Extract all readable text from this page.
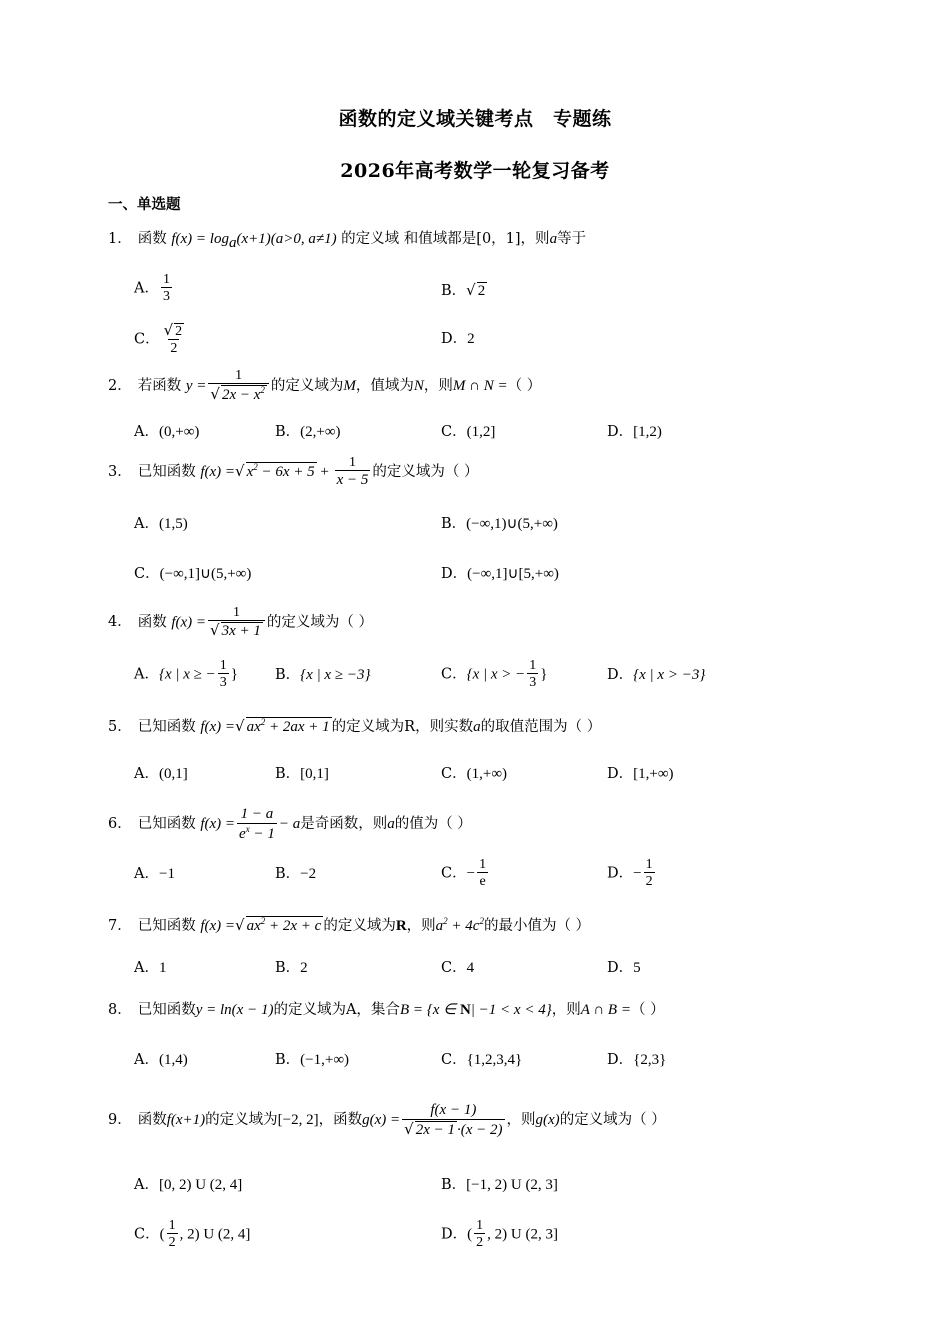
函数的定义域关键考点　专题练
2026年高考数学一轮复习备考
一、单选题
1． 函数 $f(x) = \log_a(x+1)(a>0$, a≠1) 的定义域 和值域都是[0，1]，则a等于
A． $\frac{1}{3}$	B．√ 2
C． $\frac{√ 2}{2}$	D．2
2． 若函数 $y = \frac{1}{√ 2x - x^2}$ 的定义域为M，值域为N，则M ∩ N =（ ）
A．(0,+∞)	B．(2,+∞)	C．(1,2]	D．[1,2)
3． 已知函数 f(x) =√ $x^2 - 6x + 5 + \frac{1}{x - 5}$ 的定义域为（ ）
A．(1,5)	B．(−∞,1)∪(5,+∞)
C．(−∞,1]∪(5,+∞)	D．(−∞,1]∪[5,+∞)
4． 函数 $f(x) = \frac{1}{√ 3x + 1}$ 的定义域为（ ）
A．{x | x ≥ − $\frac{1}{3}$ }	B．{x | x ≥ −3}	C．{x | x > − $\frac{1}{3}$ }	D．{x | x > −3}
5． 已知函数 f(x) =√ $ax^2 + 2ax + 1$ 的定义域为R，则实数a的取值范围为（ ）
A．(0,1]	B．[0,1]	C．(1,+∞)	D．[1,+∞)
6． 已知函数 $f(x) = \frac{1 - a}{e^x - 1} - a$是奇函数，则a的值为（ ）
A．−1	B．−2	C．− $\frac{1}{e}$	D．− $\frac{1}{2}$
7． 已知函数 f(x) =√ $ax^2 + 2x + c$ 的定义域为R，则$a^2 + 4c^2$的最小值为（ ）
A．1	B．2	C．4	D．5
8． 已知函数y = ln(x − 1)的定义域为A，集合B = {x ∈ N| −1 < x < 4}，则A ∩ B =（ ）
A．(1,4)	B．(−1,+∞)	C．{1,2,3,4}	D．{2,3}
9． 函数f(x+1)的定义域为[−2, 2]，函数$g(x) = \frac{f(x - 1)}{√ 2x - 1 \cdot(x - 2)}$ ，则g(x)的定义域为（ ）
A．[0, 2) U (2, 4]	B．[−1, 2) U (2, 3]
C．( $\frac{1}{2}$ , 2) U (2, 4]	D．( $\frac{1}{2}$ , 2) U (2, 3]
